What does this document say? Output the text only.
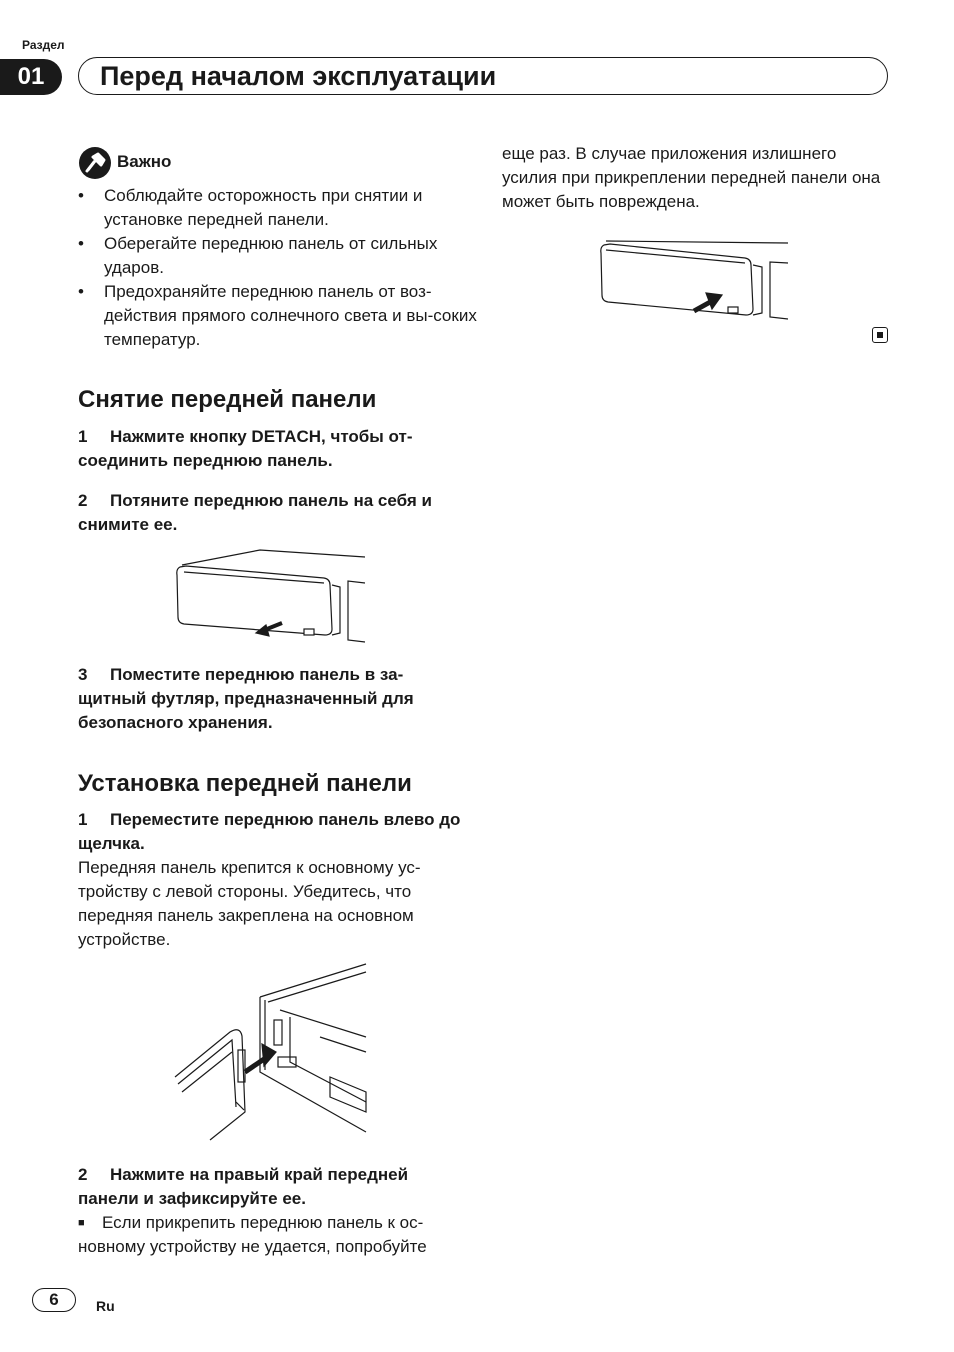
Раздел
01	Перед началом эксплуатации
Важно
• Соблюдайте осторожность при снятии и установке передней панели.
• Оберегайте переднюю панель от сильных ударов.
• Предохраняйте переднюю панель от воз-действия прямого солнечного света и вы-соких температур.
Снятие передней панели

1 Нажмите кнопку DETACH, чтобы от-соединить переднюю панель.

2 Потяните переднюю панель на себя и снимите ее.

3 Поместите переднюю панель в за-щитный футляр, предназначенный для безопасного хранения.

Установка передней панели

1 Переместите переднюю панель влево до щелчка.

Передняя панель крепится к основному ус-тройству с левой стороны. Убедитесь, что передняя панель закреплена на основном устройстве.

2 Нажмите на правый край передней панели и зафиксируйте ее.

■ Если прикрепить переднюю панель к ос-новному устройству не удается, попробуйте

еще раз. В случае приложения излишнего усилия при прикреплении передней панели она может быть повреждена.

6	Ru
